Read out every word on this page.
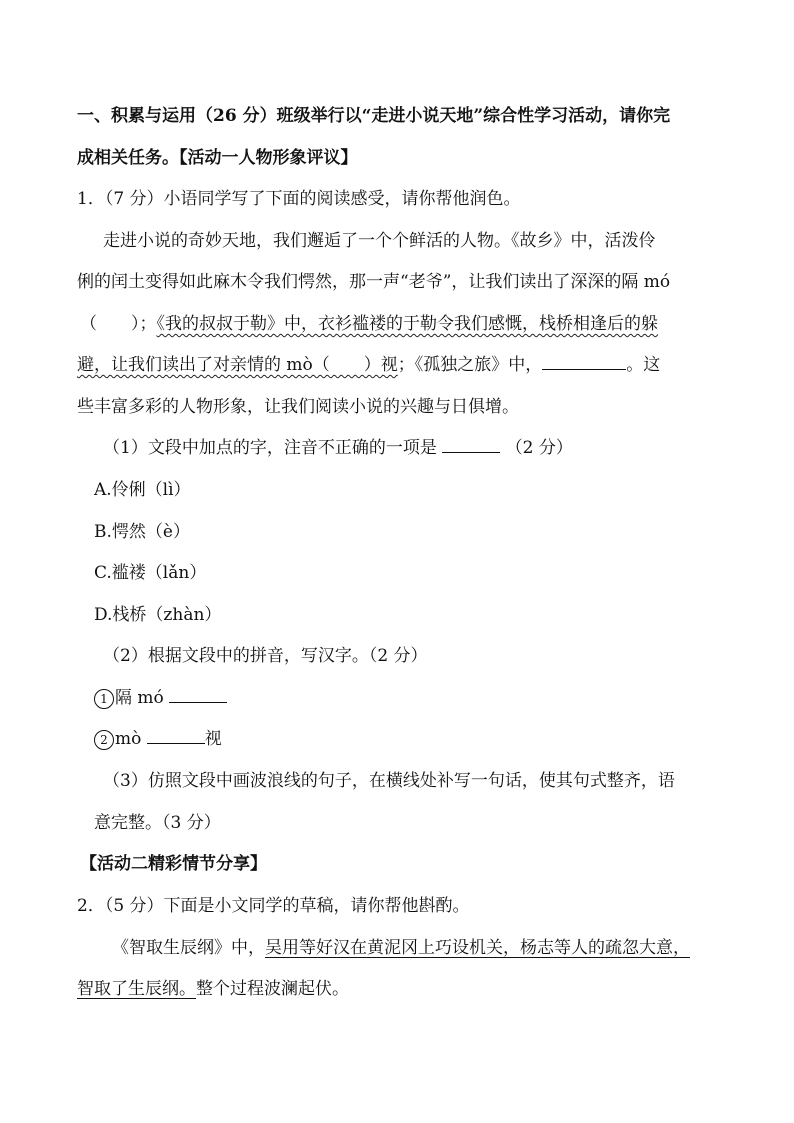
一、积累与运用（26 分）班级举行以“走进小说天地”综合性学习活动，请你完
成相关任务。【活动一人物形象评议】
1．（7 分）小语同学写了下面的阅读感受，请你帮他润色。
走进小说的奇妙天地，我们邂逅了一个个鲜活的人物。《故乡》中，活泼伶
俐的闰土变得如此麻木令我们愕然，那一声“老爷”，让我们读出了深深的隔 mó
（　　）；《我的叔叔于勒》中，衣衫褴褛的于勒令我们感慨，栈桥相逢后的躲
避，让我们读出了对亲情的 mò（　　）视；《孤独之旅》中，	。这
些丰富多彩的人物形象，让我们阅读小说的兴趣与日俱增。
（1）文段中加点的字，注音不正确的一项是	（2 分）
A.伶俐（lì）
B.愕然（è）
C.褴褛（lǎn）
D.栈桥（zhàn）
（2）根据文段中的拼音，写汉字。（2 分）
1 隔 mó
2 mò	视
（3）仿照文段中画波浪线的句子，在横线处补写一句话，使其句式整齐，语
意完整。（3 分）
【活动二精彩情节分享】
2．（5 分）下面是小文同学的草稿，请你帮他斟酌。
《智取生辰纲》中，吴用等好汉在黄泥冈上巧设机关，杨志等人的疏忽大意，
智取了生辰纲。整个过程波澜起伏。
